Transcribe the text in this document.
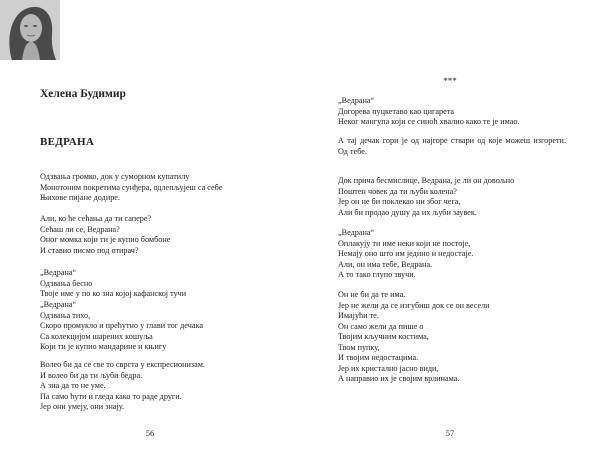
Хелена Будимир
ВЕДРАНА
Одзвања громко, док у суморном купатилу
Монотоним покретима сунђера, одлепљујеш са себе
Њихове пијане додире.
Али, ко ће сећања да ти сапере?
Сећаш ли се, Ведрана?
Оног момка који ти је купио бомбоне
И ставио писмо под отирач?
„Ведрана“
Одзвања бесно
Твоје име у по ко зна којој кафанској тучи
„Ведрана“
Одзвања тихо,
Скоро промукло и прећутно у глави тог дечака
Са колекцијом шарених кошуља
Који ти је купио мандарине и књигу
Волео би да се све то сврста у експресионизам.
И волео би да ти љуби бедра.
А зна да то не уме.
Па само ћути и гледа како то раде други.
Јер они умеју, они знају.
56
***
„Ведрана“
Догорева пуцкетаво као цигарета
Неког мангупа који се синоћ хвалио како те је имао.
А тај дечак гори је од најгоре ствари од које можеш изгорети.
Од тебе.
Док прича бесмислице, Ведрана, је ли он довољно
Поштен човек да ти љуби колена?
Јер он не би поклекао ни због чега,
Али би продао душу да их љуби заувек.
„Ведрана“
Оплакују ти име неки који не постоје,
Немају оно што им једино и недостаје.
Али, он има тебе, Ведрана.
А то тако глупо звучи.
Он не би да те има.
Јер не жели да се изгубиш док се он весели
Имајући те.
Он само жели да пише о
Твојим кључним костима,
Твом пупку,
И твојим недостацима.
Јер их кристално јасно види,
А направио их је својим врлинама.
57
